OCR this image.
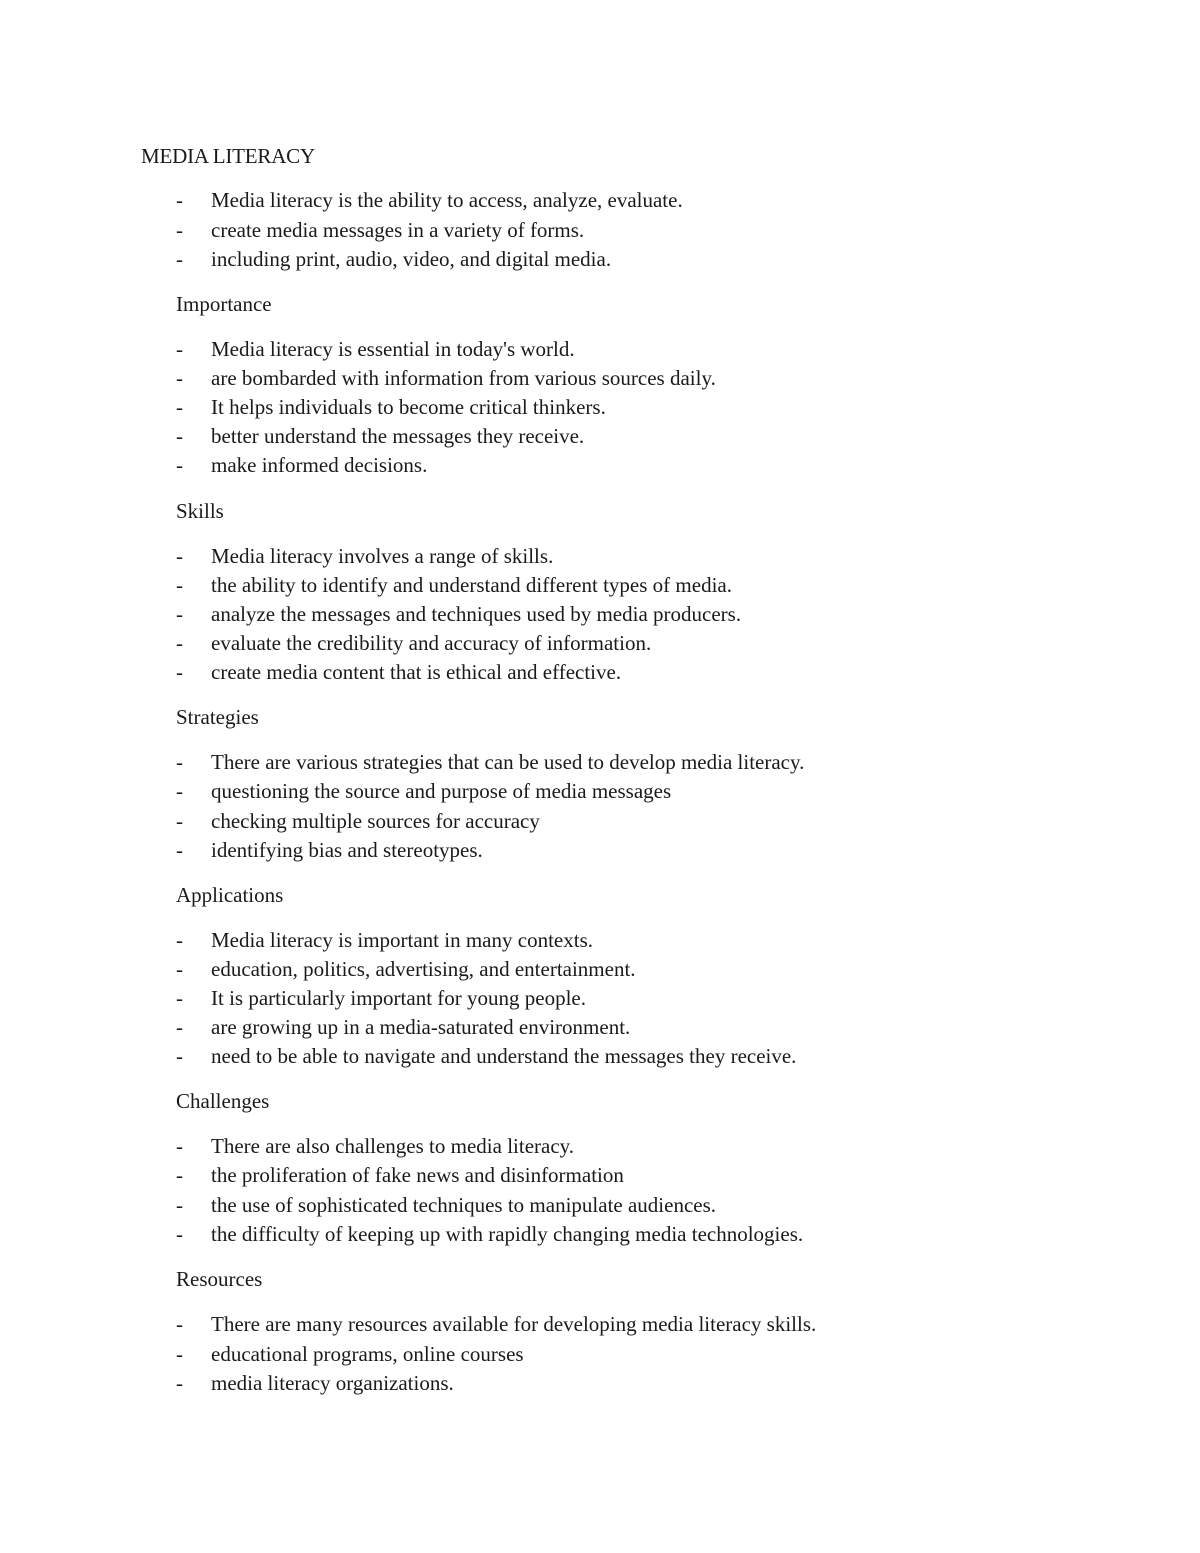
MEDIA LITERACY
- Media literacy is the ability to access, analyze, evaluate.
- create media messages in a variety of forms.
- including print, audio, video, and digital media.
Importance
- Media literacy is essential in today's world.
- are bombarded with information from various sources daily.
- It helps individuals to become critical thinkers.
- better understand the messages they receive.
- make informed decisions.
Skills
- Media literacy involves a range of skills.
- the ability to identify and understand different types of media.
- analyze the messages and techniques used by media producers.
- evaluate the credibility and accuracy of information.
- create media content that is ethical and effective.
Strategies
- There are various strategies that can be used to develop media literacy.
- questioning the source and purpose of media messages
- checking multiple sources for accuracy
- identifying bias and stereotypes.
Applications
- Media literacy is important in many contexts.
- education, politics, advertising, and entertainment.
- It is particularly important for young people.
- are growing up in a media-saturated environment.
- need to be able to navigate and understand the messages they receive.
Challenges
- There are also challenges to media literacy.
- the proliferation of fake news and disinformation
- the use of sophisticated techniques to manipulate audiences.
- the difficulty of keeping up with rapidly changing media technologies.
Resources
- There are many resources available for developing media literacy skills.
- educational programs, online courses
- media literacy organizations.
